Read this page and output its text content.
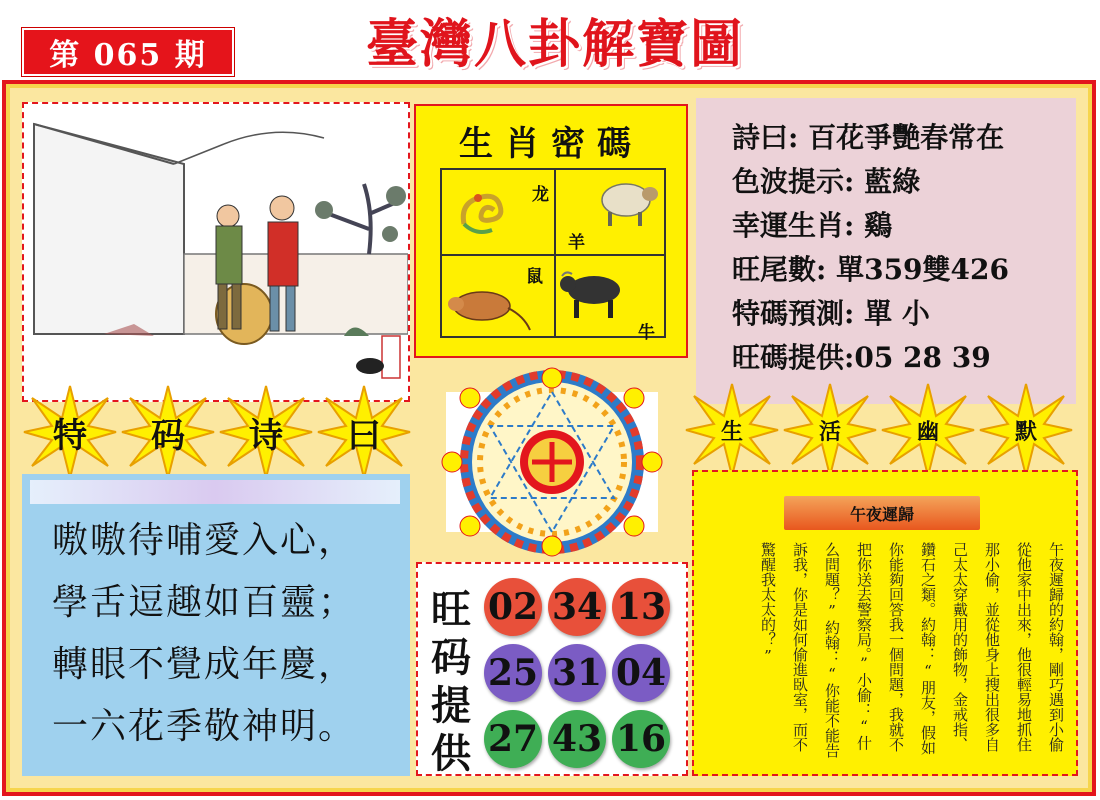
第 065 期	臺灣八卦解寶圖
生肖密碼
龙
羊
鼠
牛
詩曰: 百花爭艷春常在
色波提示: 藍綠
幸運生肖: 鷄
旺尾數: 單359雙426
特碼預測: 單 小
旺碼提供:05 28 39
特	码	诗	曰	生	活	幽	默
嗷嗷待哺愛入心，
學舌逗趣如百靈；
轉眼不覺成年慶，
一六花季敬神明。
旺
码
提
供
02 34 13
25 31 04
27 43 16
午夜遲歸
午夜遲歸的約翰，剛巧遇到小偷
從他家中出來，他很輕易地抓住
那小偷，並從他身上搜出很多自
己太太穿戴用的飾物，金戒指、
鑽石之類。約翰：“朋友，假如
你能夠回答我一個問題，我就不
把你送去警察局。”小偷：“什
么問題？”約翰：“你能不能告
訴我，你是如何偷進臥室，而不
驚醒我太太的？”
